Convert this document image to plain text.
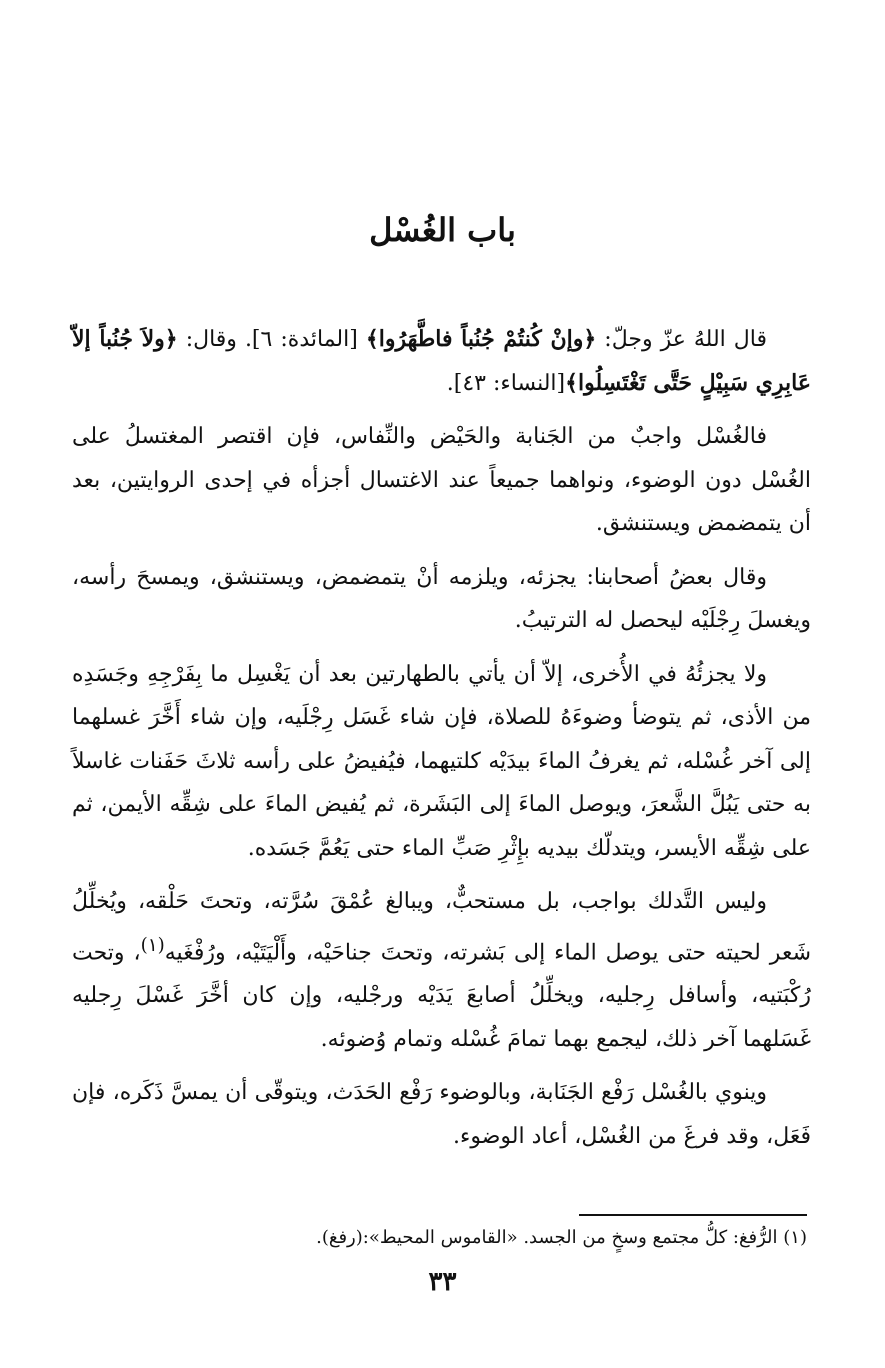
باب الغُسْل

قال اللهُ عزّ وجلّ: ﴿وإنْ كُنتُمْ جُنُباً فاطَّهَرُوا﴾ [المائدة: ٦]. وقال: ﴿ولاَ جُنُباً إلاّ عَابِرِي سَبِيْلٍ حَتَّى تَغْتَسِلُوا﴾[النساء: ٤٣].

فالغُسْل واجبٌ من الجَنابة والحَيْض والنِّفاس، فإن اقتصر المغتسلُ على الغُسْل دون الوضوء، ونواهما جميعاً عند الاغتسال أجزأه في إحدى الروايتين، بعد أن يتمضمض ويستنشق.

وقال بعضُ أصحابنا: يجزئه، ويلزمه أنْ يتمضمض، ويستنشق، ويمسحَ رأسه، ويغسلَ رِجْلَيْه ليحصل له الترتيبُ.

ولا يجزئُهُ في الأُخرى، إلاّ أن يأتي بالطهارتين بعد أن يَغْسِل ما بِفَرْجِهِ وجَسَدِه من الأذى، ثم يتوضأ وضوءَهُ للصلاة، فإن شاء غَسَل رِجْلَيه، وإن شاء أَخَّرَ غسلهما إلى آخر غُسْله، ثم يغرفُ الماءَ بيدَيْه كلتيهما، فيُفيضُ على رأسه ثلاثَ حَفَنات غاسلاً به حتى يَبُلَّ الشَّعرَ، ويوصل الماءَ إلى البَشَرة، ثم يُفيض الماءَ على شِقِّه الأيمن، ثم على شِقِّه الأيسر، ويتدلّك بيديه بإِثْرِ صَبِّ الماء حتى يَعُمَّ جَسَده.

وليس التَّدلك بواجب، بل مستحبٌّ، ويبالغ عُمْقَ سُرَّته، وتحتَ حَلْقه، ويُخلِّلُ شَعر لحيته حتى يوصل الماء إلى بَشرته، وتحتَ جناحَيْه، وأَلْيَتَيْه، ورُفْغَيه$^{(١)}$، وتحت رُكْبَتيه، وأسافل رِجليه، ويخلِّلُ أصابعَ يَدَيْه ورجْليه، وإن كان أخَّرَ غَسْلَ رِجليه غَسَلهما آخر ذلك، ليجمع بهما تمامَ غُسْله وتمام وُضوئه.

وينوي بالغُسْل رَفْع الجَنَابة، وبالوضوء رَفْع الحَدَث، ويتوقّى أن يمسَّ ذَكَره، فإن فَعَل، وقد فرغَ من الغُسْل، أعاد الوضوء.

(١) الرُّفغ: كلُّ مجتمع وسخٍ من الجسد. «القاموس المحيط»:(رفغ).

٣٣
